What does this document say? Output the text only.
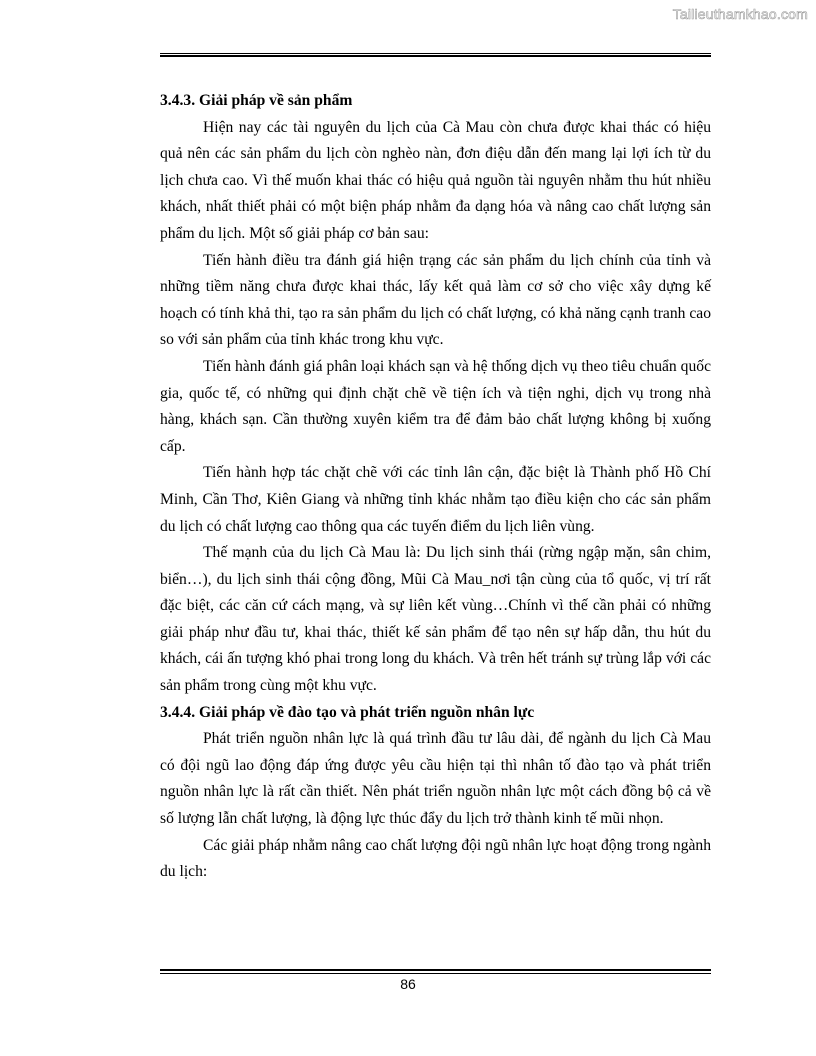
Tailieuthamkhao.com

3.4.3. Giải pháp về sản phẩm

Hiện nay các tài nguyên du lịch của Cà Mau còn chưa được khai thác có hiệu quả nên các sản phẩm du lịch còn nghèo nàn, đơn điệu dẫn đến mang lại lợi ích từ du lịch chưa cao. Vì thế muốn khai thác có hiệu quả nguồn tài nguyên nhằm thu hút nhiều khách, nhất thiết phải có một biện pháp nhằm đa dạng hóa và nâng cao chất lượng sản phẩm du lịch. Một số giải pháp cơ bản sau:

Tiến hành điều tra đánh giá hiện trạng các sản phẩm du lịch chính của tỉnh và những tiềm năng chưa được khai thác, lấy kết quả làm cơ sở cho việc xây dựng kế hoạch có tính khả thi, tạo ra sản phẩm du lịch có chất lượng, có khả năng cạnh tranh cao so với sản phẩm của tỉnh khác trong khu vực.

Tiến hành đánh giá phân loại khách sạn và hệ thống dịch vụ theo tiêu chuẩn quốc gia, quốc tế, có những qui định chặt chẽ về tiện ích và tiện nghi, dịch vụ trong nhà hàng, khách sạn. Cần thường xuyên kiểm tra để đảm bảo chất lượng không bị xuống cấp.

Tiến hành hợp tác chặt chẽ với các tỉnh lân cận, đặc biệt là Thành phố Hồ Chí Minh, Cần Thơ, Kiên Giang và những tỉnh khác nhằm tạo điều kiện cho các sản phẩm du lịch có chất lượng cao thông qua các tuyến điểm du lịch liên vùng.

Thế mạnh của du lịch Cà Mau là: Du lịch sinh thái (rừng ngập mặn, sân chim, biển…), du lịch sinh thái cộng đồng, Mũi Cà Mau_nơi tận cùng của tổ quốc, vị trí rất đặc biệt, các căn cứ cách mạng, và sự liên kết vùng…Chính vì thế cần phải có những giải pháp như đầu tư, khai thác, thiết kế sản phẩm để tạo nên sự hấp dẫn, thu hút du khách, cái ấn tượng khó phai trong long du khách. Và trên hết tránh sự trùng lắp với các sản phẩm trong cùng một khu vực.

3.4.4. Giải pháp về đào tạo và phát triển nguồn nhân lực

Phát triển nguồn nhân lực là quá trình đầu tư lâu dài, để ngành du lịch Cà Mau có đội ngũ lao động đáp ứng được yêu cầu hiện tại thì nhân tố đào tạo và phát triển nguồn nhân lực là rất cần thiết. Nên phát triển nguồn nhân lực một cách đồng bộ cả về số lượng lẫn chất lượng, là động lực thúc đẩy du lịch trở thành kinh tế mũi nhọn.

Các giải pháp nhằm nâng cao chất lượng đội ngũ nhân lực hoạt động trong ngành du lịch:

86
